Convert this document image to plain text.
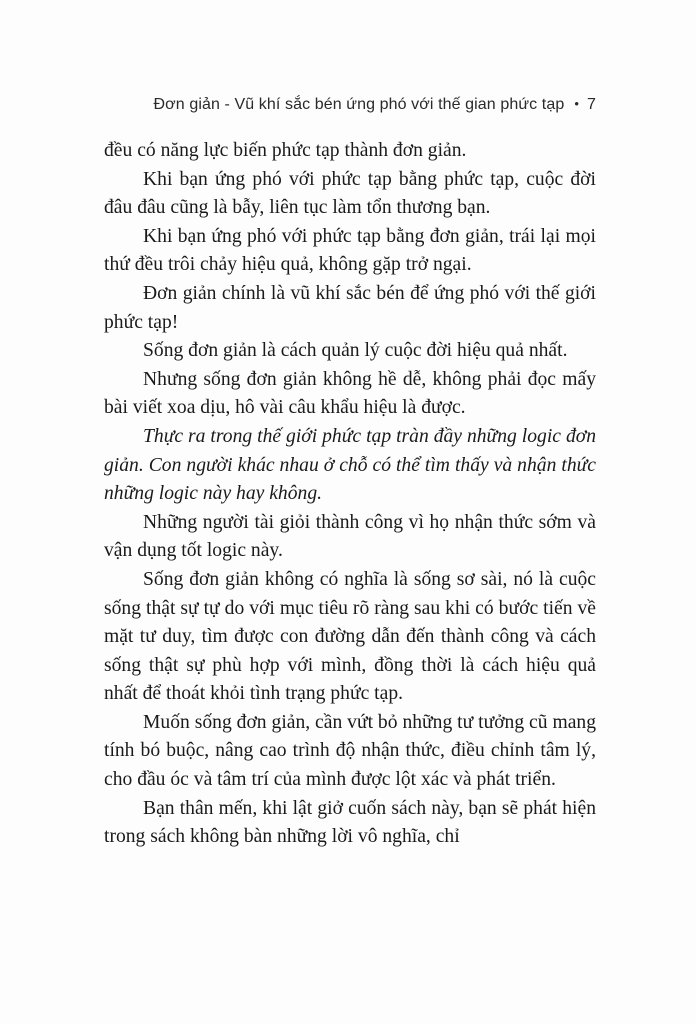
Đơn giản - Vũ khí sắc bén ứng phó với thế gian phức tạp • 7

đều có năng lực biến phức tạp thành đơn giản.

Khi bạn ứng phó với phức tạp bằng phức tạp, cuộc đời đâu đâu cũng là bẫy, liên tục làm tổn thương bạn.

Khi bạn ứng phó với phức tạp bằng đơn giản, trái lại mọi thứ đều trôi chảy hiệu quả, không gặp trở ngại.

Đơn giản chính là vũ khí sắc bén để ứng phó với thế giới phức tạp!

Sống đơn giản là cách quản lý cuộc đời hiệu quả nhất.

Nhưng sống đơn giản không hề dễ, không phải đọc mấy bài viết xoa dịu, hô vài câu khẩu hiệu là được.

Thực ra trong thế giới phức tạp tràn đầy những logic đơn giản. Con người khác nhau ở chỗ có thể tìm thấy và nhận thức những logic này hay không.

Những người tài giỏi thành công vì họ nhận thức sớm và vận dụng tốt logic này.

Sống đơn giản không có nghĩa là sống sơ sài, nó là cuộc sống thật sự tự do với mục tiêu rõ ràng sau khi có bước tiến về mặt tư duy, tìm được con đường dẫn đến thành công và cách sống thật sự phù hợp với mình, đồng thời là cách hiệu quả nhất để thoát khỏi tình trạng phức tạp.

Muốn sống đơn giản, cần vứt bỏ những tư tưởng cũ mang tính bó buộc, nâng cao trình độ nhận thức, điều chỉnh tâm lý, cho đầu óc và tâm trí của mình được lột xác và phát triển.

Bạn thân mến, khi lật giở cuốn sách này, bạn sẽ phát hiện trong sách không bàn những lời vô nghĩa, chỉ
